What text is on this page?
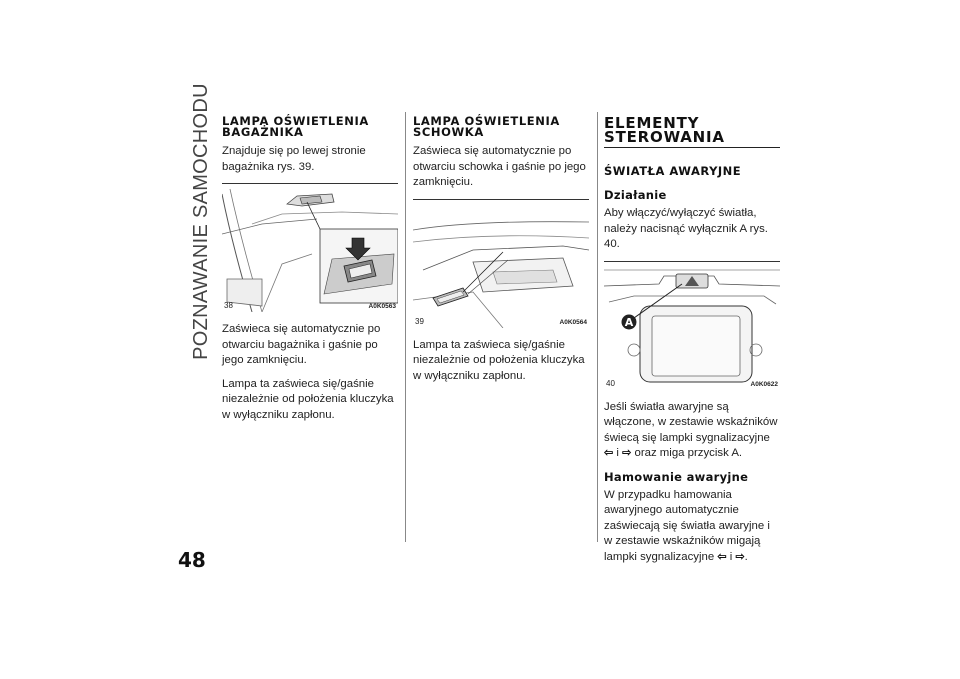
POZNAWANIE SAMOCHODU
48
LAMPA OŚWIETLENIA
BAGAŻNIKA

Znajduje się po lewej stronie bagażnika rys. 39.

38	A0K0563

Zaświeca się automatycznie po otwarciu bagażnika i gaśnie po jego zamknięciu.

Lampa ta zaświeca się/gaśnie niezależnie od położenia kluczyka w wyłączniku zapłonu.

LAMPA OŚWIETLENIA
SCHOWKA

Zaświeca się automatycznie po otwarciu schowka i gaśnie po jego zamknięciu.

39	A0K0564

Lampa ta zaświeca się/gaśnie niezależnie od położenia kluczyka w wyłączniku zapłonu.

ELEMENTY
STEROWANIA
ŚWIATŁA AWARYJNE
Działanie

Aby włączyć/wyłączyć światła, należy nacisnąć wyłącznik A rys. 40.

A
40	A0K0622

Jeśli światła awaryjne są włączone, w zestawie wskaźników świecą się lampki sygnalizacyjne ⇦ i ⇨ oraz miga przycisk A.

Hamowanie awaryjne

W przypadku hamowania awaryjnego automatycznie zaświecają się światła awaryjne i w zestawie wskaźników migają lampki sygnalizacyjne ⇦ i ⇨.
